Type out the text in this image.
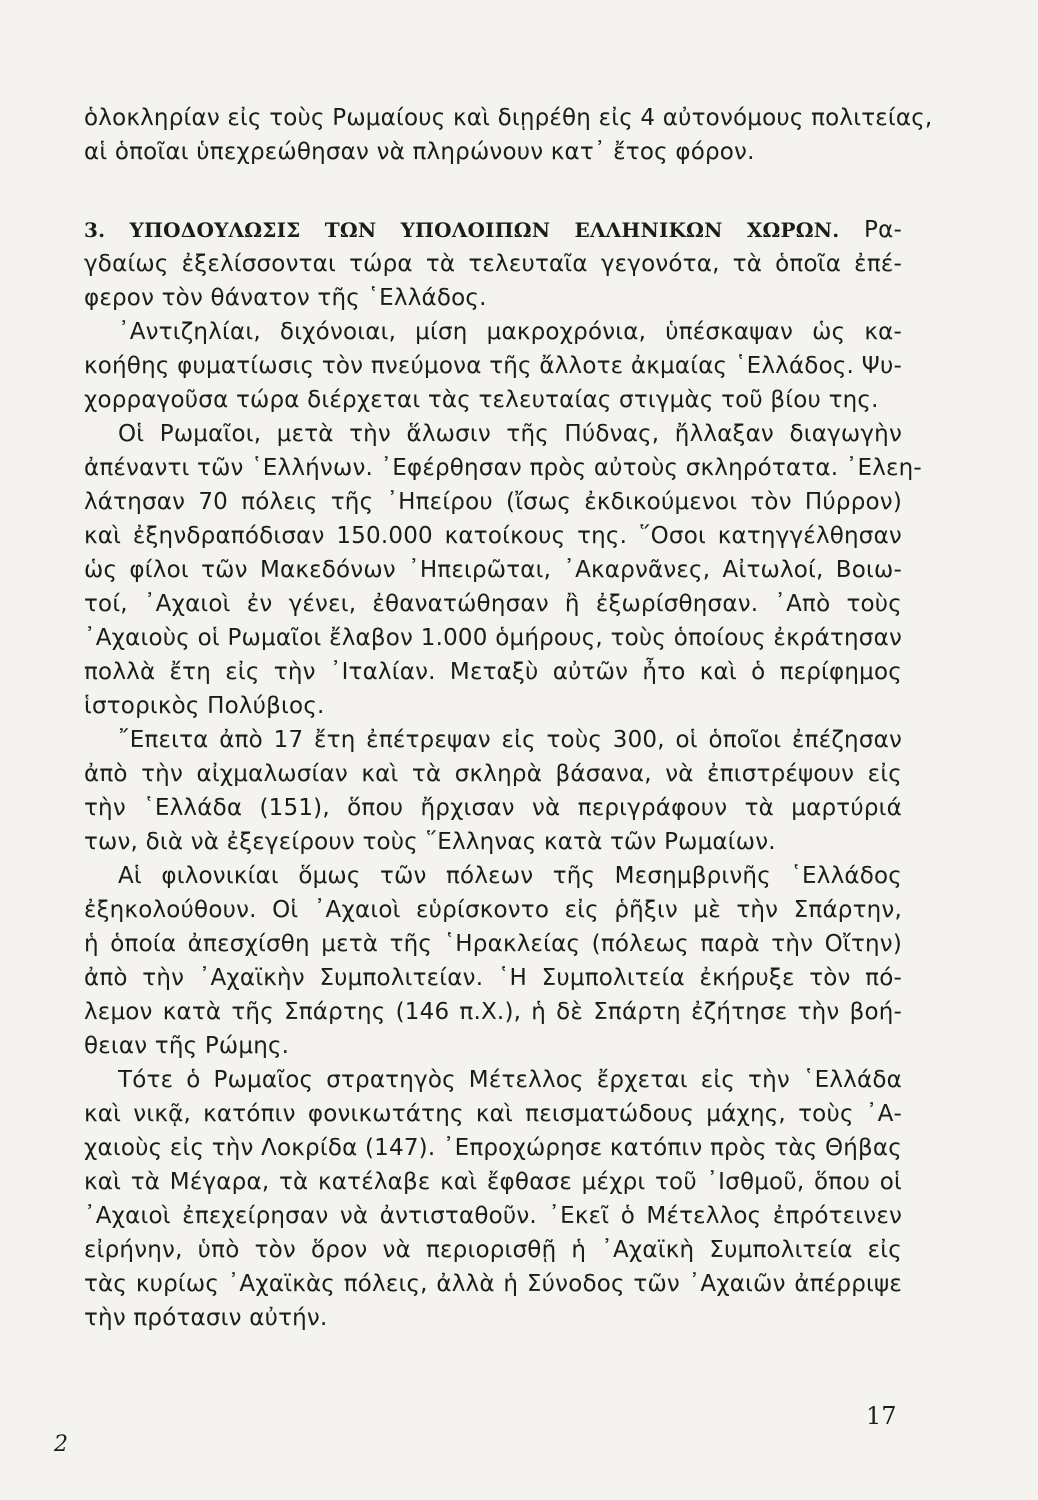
ὁλοκληρίαν εἰς τοὺς Ρωμαίους καὶ διῃρέθη εἰς 4 αὐτονόμους πολιτείας,
αἱ ὁποῖαι ὑπεχρεώθησαν νὰ πληρώνουν κατ᾽ ἔτος φόρον.
3. ΥΠΟΔΟΥΛΩΣΙΣ ΤΩΝ ΥΠΟΛΟΙΠΩΝ ΕΛΛΗΝΙΚΩΝ ΧΩΡΩΝ. Ρα-
γδαίως ἐξελίσσονται τώρα τὰ τελευταῖα γεγονότα, τὰ ὁποῖα ἐπέ-
φερον τὸν θάνατον τῆς ῾Ελλάδος.
᾽Αντιζηλίαι, διχόνοιαι, μίση μακροχρόνια, ὑπέσκαψαν ὡς κα-
κοήθης φυματίωσις τὸν πνεύμονα τῆς ἄλλοτε ἀκμαίας ῾Ελλάδος. Ψυ-
χορραγοῦσα τώρα διέρχεται τὰς τελευταίας στιγμὰς τοῦ βίου της.
Οἱ Ρωμαῖοι, μετὰ τὴν ἅλωσιν τῆς Πύδνας, ἤλλαξαν διαγωγὴν
ἀπέναντι τῶν ῾Ελλήνων. ᾽Εφέρθησαν πρὸς αὐτοὺς σκληρότατα. ᾽Ελεη-
λάτησαν 70 πόλεις τῆς ᾽Ηπείρου (ἴσως ἐκδικούμενοι τὸν Πύρρον)
καὶ ἐξηνδραπόδισαν 150.000 κατοίκους της. ῞Οσοι κατηγγέλθησαν
ὡς φίλοι τῶν Μακεδόνων ᾽Ηπειρῶται, ᾽Ακαρνᾶνες, Αἰτωλοί, Βοιω-
τοί, ᾽Αχαιοὶ ἐν γένει, ἐθανατώθησαν ἢ ἐξωρίσθησαν. ᾽Απὸ τοὺς
᾽Αχαιοὺς οἱ Ρωμαῖοι ἔλαβον 1.000 ὁμήρους, τοὺς ὁποίους ἐκράτησαν
πολλὰ ἔτη εἰς τὴν ᾽Ιταλίαν. Μεταξὺ αὐτῶν ἦτο καὶ ὁ περίφημος
ἱστορικὸς Πολύβιος.
῎Επειτα ἀπὸ 17 ἔτη ἐπέτρεψαν εἰς τοὺς 300, οἱ ὁποῖοι ἐπέζησαν
ἀπὸ τὴν αἰχμαλωσίαν καὶ τὰ σκληρὰ βάσανα, νὰ ἐπιστρέψουν εἰς
τὴν ῾Ελλάδα (151), ὅπου ἤρχισαν νὰ περιγράφουν τὰ μαρτύριά
των, διὰ νὰ ἐξεγείρουν τοὺς ῞Ελληνας κατὰ τῶν Ρωμαίων.
Αἱ φιλονικίαι ὅμως τῶν πόλεων τῆς Μεσημβρινῆς ῾Ελλάδος
ἐξηκολούθουν. Οἱ ᾽Αχαιοὶ εὑρίσκοντο εἰς ῥῆξιν μὲ τὴν Σπάρτην,
ἡ ὁποία ἀπεσχίσθη μετὰ τῆς ῾Ηρακλείας (πόλεως παρὰ τὴν Οἴτην)
ἀπὸ τὴν ᾽Αχαϊκὴν Συμπολιτείαν. ῾Η Συμπολιτεία ἐκήρυξε τὸν πό-
λεμον κατὰ τῆς Σπάρτης (146 π.Χ.), ἡ δὲ Σπάρτη ἐζήτησε τὴν βοή-
θειαν τῆς Ρώμης.
Τότε ὁ Ρωμαῖος στρατηγὸς Μέτελλος ἔρχεται εἰς τὴν ῾Ελλάδα
καὶ νικᾷ, κατόπιν φονικωτάτης καὶ πεισματώδους μάχης, τοὺς ᾽Α-
χαιοὺς εἰς τὴν Λοκρίδα (147). ᾽Επροχώρησε κατόπιν πρὸς τὰς Θήβας
καὶ τὰ Μέγαρα, τὰ κατέλαβε καὶ ἔφθασε μέχρι τοῦ ᾽Ισθμοῦ, ὅπου οἱ
᾽Αχαιοὶ ἐπεχείρησαν νὰ ἀντισταθοῦν. ᾽Εκεῖ ὁ Μέτελλος ἐπρότεινεν
εἰρήνην, ὑπὸ τὸν ὅρον νὰ περιορισθῇ ἡ ᾽Αχαϊκὴ Συμπολιτεία εἰς
τὰς κυρίως ᾽Αχαϊκὰς πόλεις, ἀλλὰ ἡ Σύνοδος τῶν ᾽Αχαιῶν ἀπέρριψε
τὴν πρότασιν αὐτήν.
17
2
